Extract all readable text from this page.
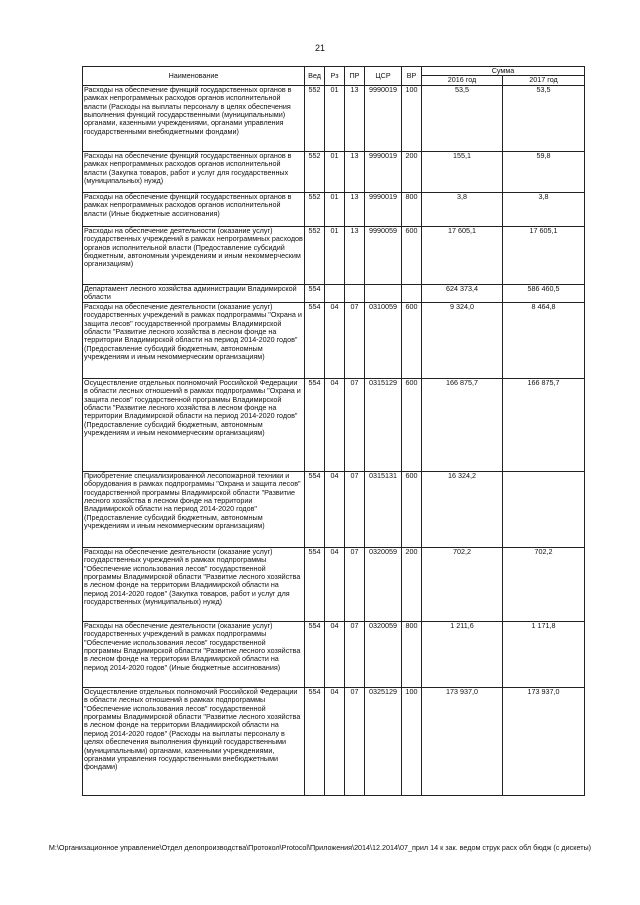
21
Наименование	Вед	Рз	ПР	ЦСР	ВР	Сумма	
						2016 год	2017 год
Расходы на обеспечение функций государственных органов в рамках непрограммных расходов органов исполнительной власти (Расходы на выплаты персоналу в целях обеспечения выполнения функций государственными (муниципальными) органами, казенными учреждениями, органами управления государственными внебюджетными фондами)	552	01	13	9990019	100	53,5	53,5
Расходы на обеспечение функций государственных органов в рамках непрограммных расходов органов исполнительной власти (Закупка товаров, работ и услуг для государственных (муниципальных) нужд)	552	01	13	9990019	200	155,1	59,8
Расходы на обеспечение функций государственных органов в рамках непрограммных расходов органов исполнительной власти (Иные бюджетные ассигнования)	552	01	13	9990019	800	3,8	3,8
Расходы на обеспечение деятельности (оказание услуг) государственных учреждений в рамках непрограммных расходов органов исполнительной власти (Предоставление субсидий бюджетным, автономным учреждениям и иным некоммерческим организациям)	552	01	13	9990059	600	17 605,1	17 605,1
Департамент лесного хозяйства администрации Владимирской области	554					624 373,4	586 460,5
Расходы на обеспечение деятельности (оказание услуг) государственных учреждений в рамках подпрограммы "Охрана и защита лесов" государственной программы Владимирской области "Развитие лесного хозяйства в лесном фонде на территории Владимирской области на период 2014-2020 годов" (Предоставление субсидий бюджетным, автономным учреждениям и иным некоммерческим организациям)	554	04	07	0310059	600	9 324,0	8 464,8
Осуществление отдельных полномочий Российской Федерации в области лесных отношений в рамках подпрограммы "Охрана и защита лесов" государственной программы Владимирской области "Развитие лесного хозяйства в лесном фонде на территории Владимирской области на период 2014-2020 годов" (Предоставление субсидий бюджетным, автономным учреждениям и иным некоммерческим организациям)	554	04	07	0315129	600	166 875,7	166 875,7
Приобретение специализированной лесопожарной техники и оборудования в рамках подпрограммы "Охрана и защита лесов" государственной программы Владимирской области "Развитие лесного хозяйства в лесном фонде на территории Владимирской области на период 2014-2020 годов" (Предоставление субсидий бюджетным, автономным учреждениям и иным некоммерческим организациям)	554	04	07	0315131	600	16 324,2	
Расходы на обеспечение деятельности (оказание услуг) государственных учреждений в рамках подпрограммы "Обеспечение использования лесов" государственной программы Владимирской области "Развитие лесного хозяйства в лесном фонде на территории Владимирской области на период 2014-2020 годов" (Закупка товаров, работ и услуг для государственных (муниципальных) нужд)	554	04	07	0320059	200	702,2	702,2
Расходы на обеспечение деятельности (оказание услуг) государственных учреждений в рамках подпрограммы "Обеспечение использования лесов" государственной программы Владимирской области "Развитие лесного хозяйства в лесном фонде на территории Владимирской области на период 2014-2020 годов" (Иные бюджетные ассигнования)	554	04	07	0320059	800	1 211,6	1 171,8
Осуществление отдельных полномочий Российской Федерации в области лесных отношений в рамках подпрограммы "Обеспечение использования лесов" государственной программы Владимирской области "Развитие лесного хозяйства в лесном фонде на территории Владимирской области на период 2014-2020 годов" (Расходы на выплаты персоналу в целях обеспечения выполнения функций государственными (муниципальными) органами, казенными учреждениями, органами управления государственными внебюджетными фондами)	554	04	07	0325129	100	173 937,0	173 937,0
М:\Организационное управление\Отдел делопроизводства\Протокол\Protocol\Приложения\2014\12.2014\07_прил 14 к зак. ведом струк расх обл бюдж (с дискеты)
